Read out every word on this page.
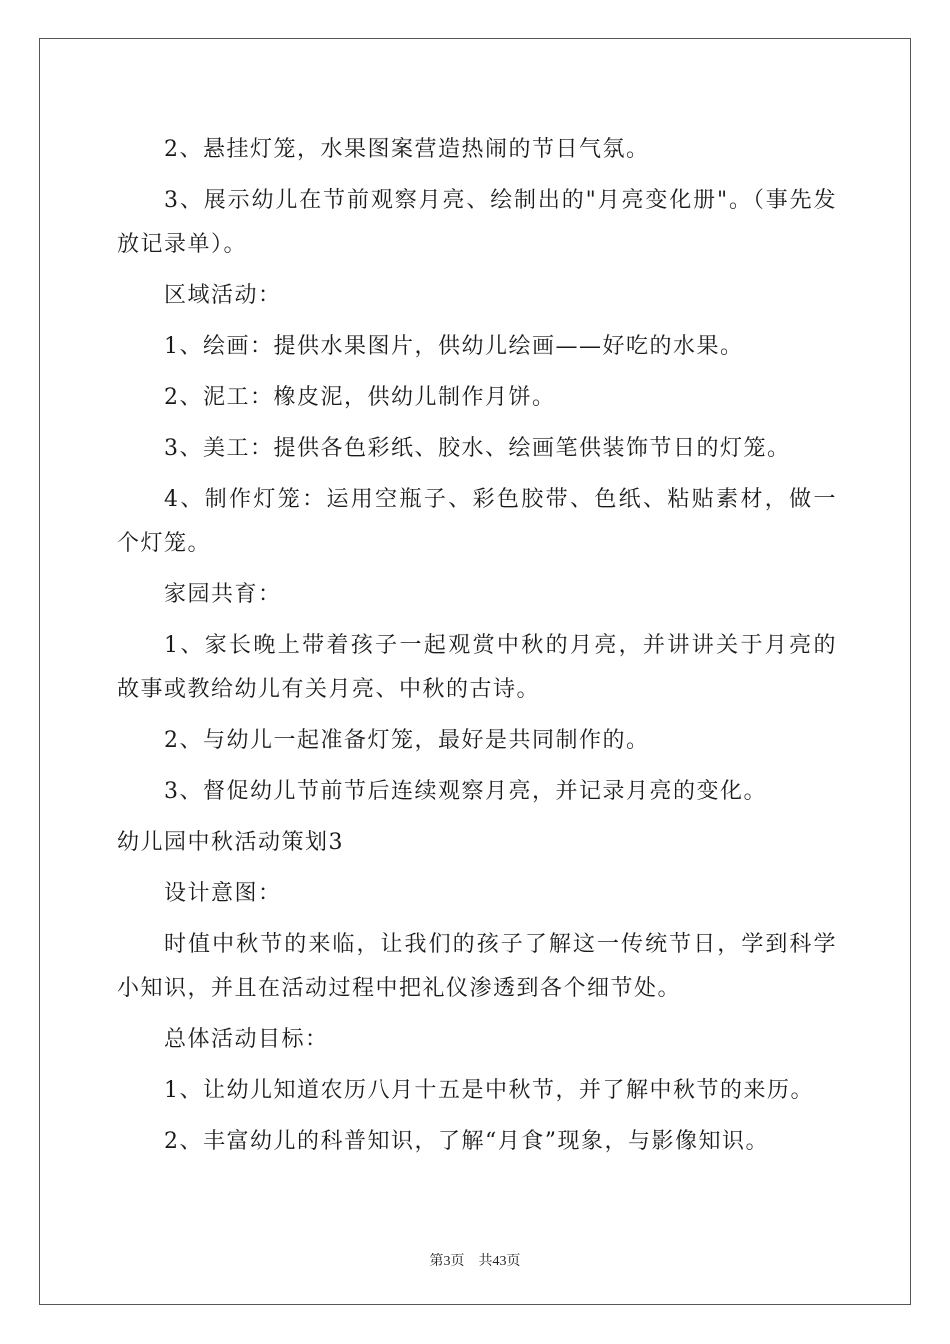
2、悬挂灯笼，水果图案营造热闹的节日气氛。

3、展示幼儿在节前观察月亮、绘制出的"月亮变化册"。（事先发放记录单）。

区域活动：

1、绘画：提供水果图片，供幼儿绘画——好吃的水果。

2、泥工：橡皮泥，供幼儿制作月饼。

3、美工：提供各色彩纸、胶水、绘画笔供装饰节日的灯笼。

4、制作灯笼：运用空瓶子、彩色胶带、色纸、粘贴素材，做一个灯笼。

家园共育：

1、家长晚上带着孩子一起观赏中秋的月亮，并讲讲关于月亮的故事或教给幼儿有关月亮、中秋的古诗。

2、与幼儿一起准备灯笼，最好是共同制作的。

3、督促幼儿节前节后连续观察月亮，并记录月亮的变化。

幼儿园中秋活动策划3

设计意图：

时值中秋节的来临，让我们的孩子了解这一传统节日，学到科学小知识，并且在活动过程中把礼仪渗透到各个细节处。

总体活动目标：

1、让幼儿知道农历八月十五是中秋节，并了解中秋节的来历。

2、丰富幼儿的科普知识，了解“月食”现象，与影像知识。

第3页 共43页
